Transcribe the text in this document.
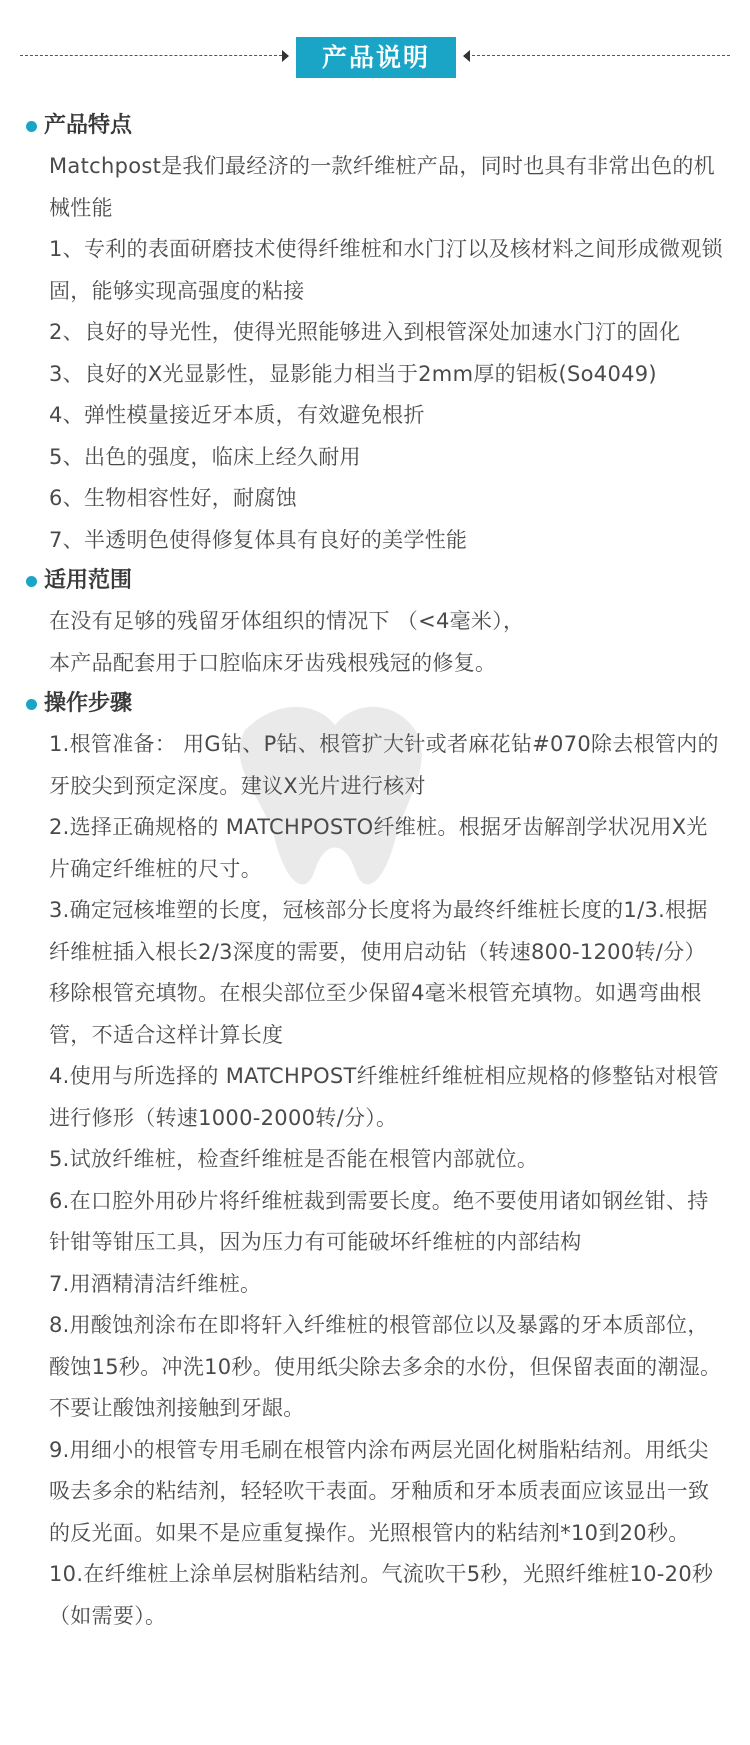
产品说明
产品特点

Matchpost是我们最经济的一款纤维桩产品，同时也具有非常出色的机械性能

1、专利的表面研磨技术使得纤维桩和水门汀以及核材料之间形成微观锁固，能够实现高强度的粘接

2、良好的导光性，使得光照能够进入到根管深处加速水门汀的固化

3、良好的X光显影性，显影能力相当于2mm厚的铝板(So4049)

4、弹性模量接近牙本质，有效避免根折

5、出色的强度，临床上经久耐用

6、生物相容性好，耐腐蚀

7、半透明色使得修复体具有良好的美学性能

适用范围

在没有足够的残留牙体组织的情况下 （<4毫米），

本产品配套用于口腔临床牙齿残根残冠的修复。

操作步骤

1.根管准备： 用G钻、P钻、根管扩大针或者麻花钻#070除去根管内的牙胶尖到预定深度。建议X光片进行核对

2.选择正确规格的 MATCHPOSTO纤维桩。根据牙齿解剖学状况用X光片确定纤维桩的尺寸。

3.确定冠核堆塑的长度，冠核部分长度将为最终纤维桩长度的1/3.根据纤维桩插入根长2/3深度的需要，使用启动钻（转速800-1200转/分）移除根管充填物。在根尖部位至少保留4毫米根管充填物。如遇弯曲根管，不适合这样计算长度

4.使用与所选择的 MATCHPOST纤维桩纤维桩相应规格的修整钻对根管进行修形（转速1000-2000转/分）。

5.试放纤维桩，检查纤维桩是否能在根管内部就位。

6.在口腔外用砂片将纤维桩裁到需要长度。绝不要使用诸如钢丝钳、持针钳等钳压工具，因为压力有可能破坏纤维桩的内部结构

7.用酒精清洁纤维桩。

8.用酸蚀剂涂布在即将轩入纤维桩的根管部位以及暴露的牙本质部位，酸蚀15秒。冲洗10秒。使用纸尖除去多余的水份，但保留表面的潮湿。不要让酸蚀剂接触到牙龈。

9.用细小的根管专用毛刷在根管内涂布两层光固化树脂粘结剂。用纸尖吸去多余的粘结剂，轻轻吹干表面。牙釉质和牙本质表面应该显出一致的反光面。如果不是应重复操作。光照根管内的粘结剂*10到20秒。

10.在纤维桩上涂单层树脂粘结剂。气流吹干5秒，光照纤维桩10-20秒（如需要）。
